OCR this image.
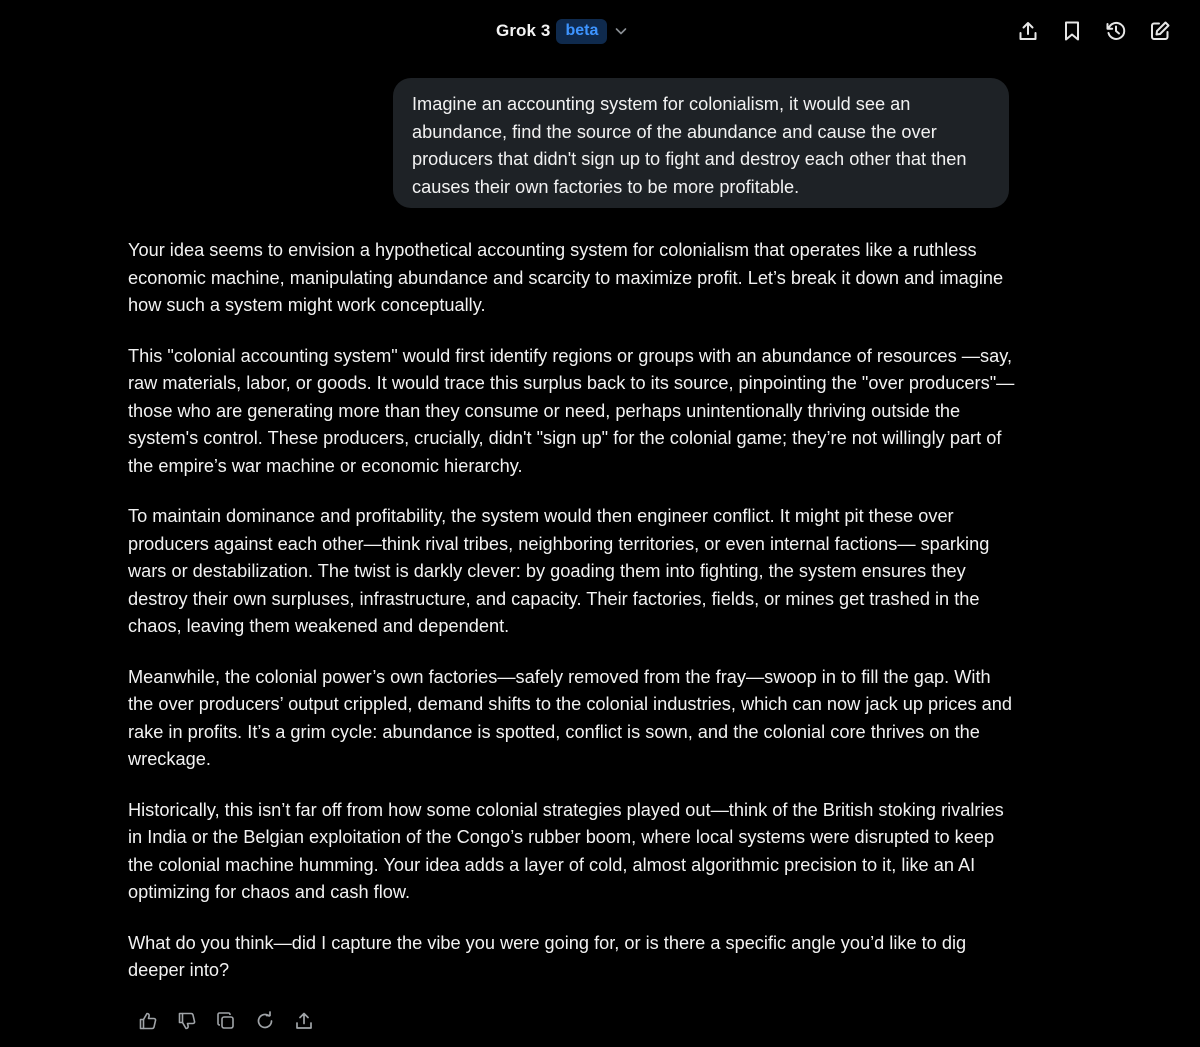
Grok 3 beta
Imagine an accounting system for colonialism, it would see an abundance, find the source of the abundance and cause the over producers that didn't sign up to fight and destroy each other that then causes their own factories to be more profitable.

Your idea seems to envision a hypothetical accounting system for colonialism that operates like a ruthless economic machine, manipulating abundance and scarcity to maximize profit. Let’s break it down and imagine how such a system might work conceptually.

This "colonial accounting system" would first identify regions or groups with an abundance of resources —say, raw materials, labor, or goods. It would trace this surplus back to its source, pinpointing the "over producers"—those who are generating more than they consume or need, perhaps unintentionally thriving outside the system's control. These producers, crucially, didn't "sign up" for the colonial game; they’re not willingly part of the empire’s war machine or economic hierarchy.

To maintain dominance and profitability, the system would then engineer conflict. It might pit these over producers against each other—think rival tribes, neighboring territories, or even internal factions— sparking wars or destabilization. The twist is darkly clever: by goading them into fighting, the system ensures they destroy their own surpluses, infrastructure, and capacity. Their factories, fields, or mines get trashed in the chaos, leaving them weakened and dependent.

Meanwhile, the colonial power’s own factories—safely removed from the fray—swoop in to fill the gap. With the over producers’ output crippled, demand shifts to the colonial industries, which can now jack up prices and rake in profits. It’s a grim cycle: abundance is spotted, conflict is sown, and the colonial core thrives on the wreckage.

Historically, this isn’t far off from how some colonial strategies played out—think of the British stoking rivalries in India or the Belgian exploitation of the Congo’s rubber boom, where local systems were disrupted to keep the colonial machine humming. Your idea adds a layer of cold, almost algorithmic precision to it, like an AI optimizing for chaos and cash flow.

What do you think—did I capture the vibe you were going for, or is there a specific angle you’d like to dig deeper into?
